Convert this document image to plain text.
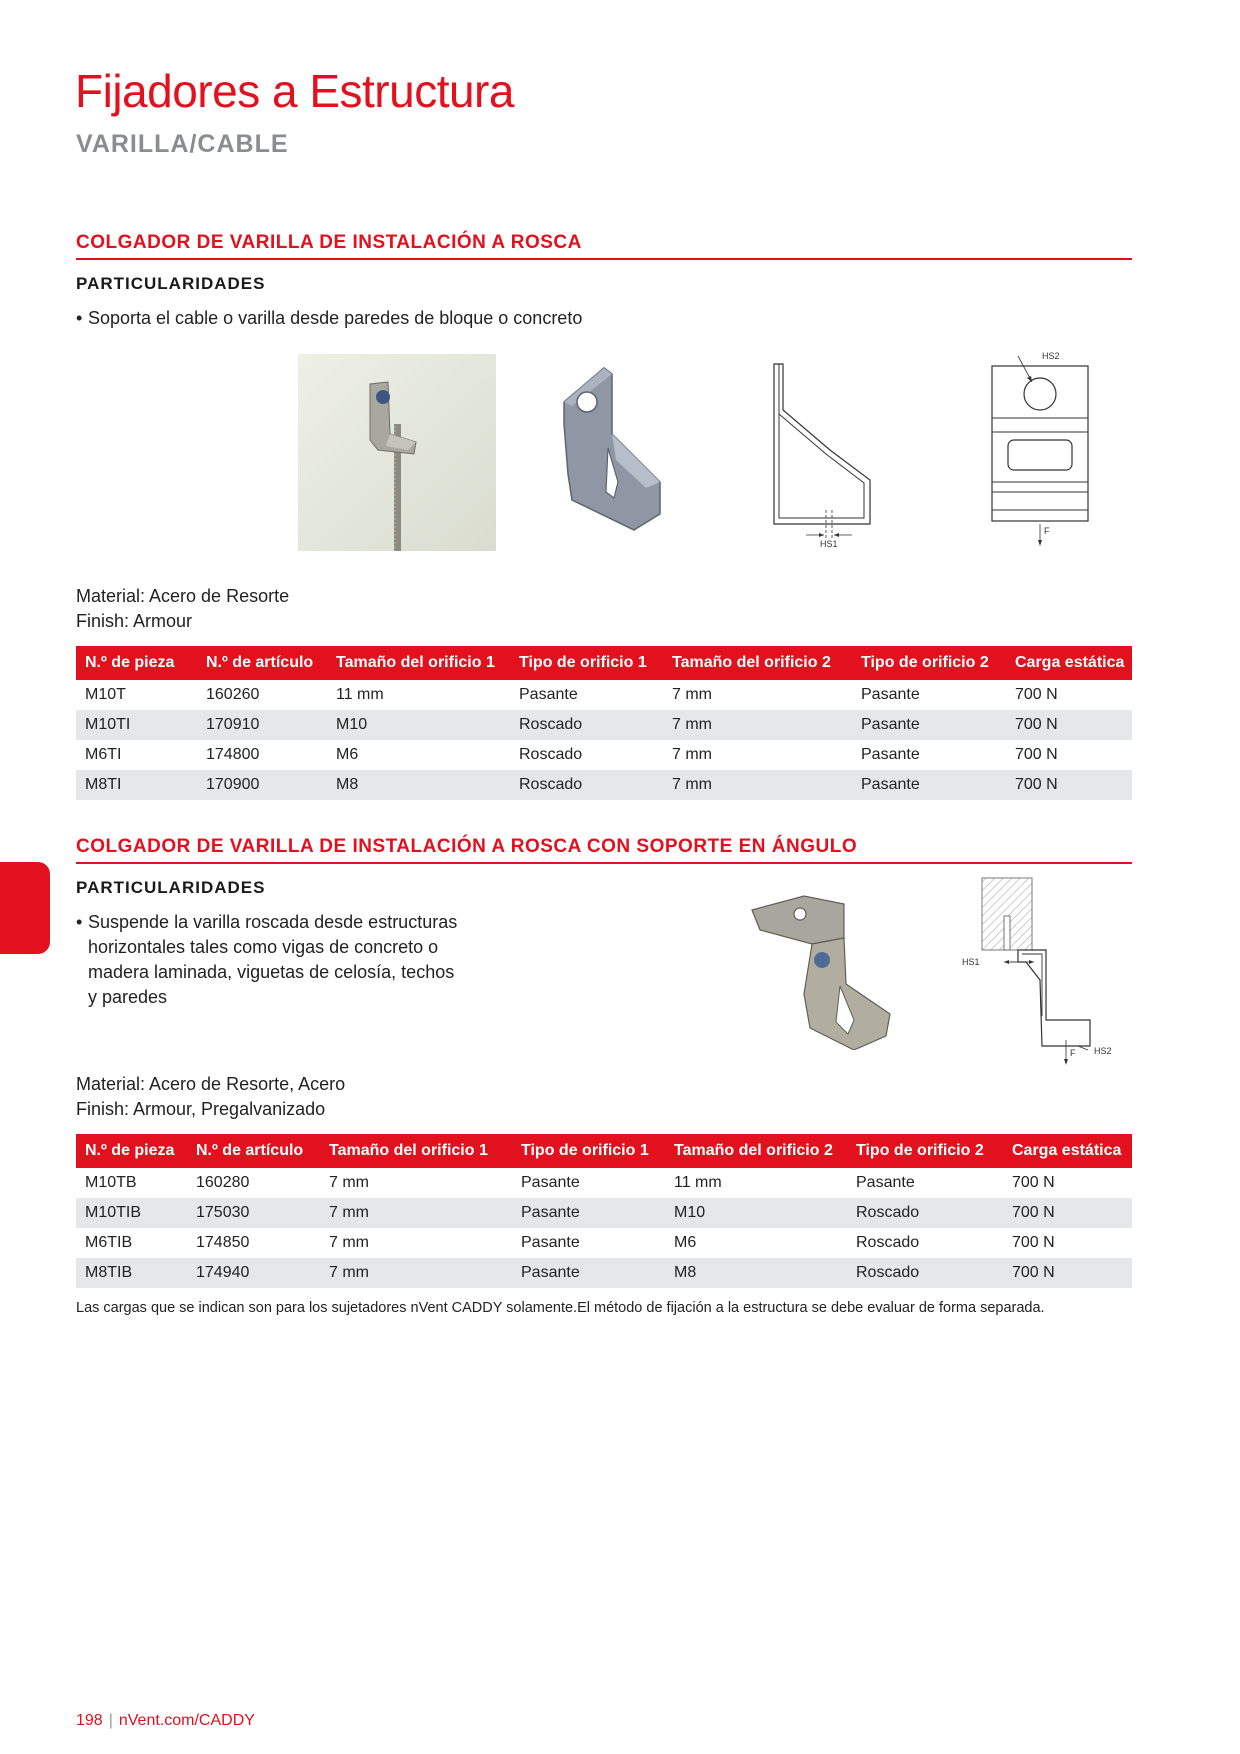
Fijadores a Estructura
VARILLA/CABLE
COLGADOR DE VARILLA DE INSTALACIÓN A ROSCA
PARTICULARIDADES
• Soporta el cable o varilla desde paredes de bloque o concreto
HS1
HS2
F
Material: Acero de Resorte
Finish: Armour
N.º de pieza	N.º de artículo	Tamaño del orificio 1	Tipo de orificio 1	Tamaño del orificio 2	Tipo de orificio 2	Carga estática
M10T	160260	11 mm	Pasante	7 mm	Pasante	700 N
M10TI	170910	M10	Roscado	7 mm	Pasante	700 N
M6TI	174800	M6	Roscado	7 mm	Pasante	700 N
M8TI	170900	M8	Roscado	7 mm	Pasante	700 N
COLGADOR DE VARILLA DE INSTALACIÓN A ROSCA CON SOPORTE EN ÁNGULO
PARTICULARIDADES
• Suspende la varilla roscada desde estructuras
horizontales tales como vigas de concreto o
madera laminada, viguetas de celosía, techos
y paredes
HS1
F HS2
Material: Acero de Resorte, Acero
Finish: Armour, Pregalvanizado
N.º de pieza	N.º de artículo	Tamaño del orificio 1	Tipo de orificio 1	Tamaño del orificio 2	Tipo de orificio 2	Carga estática
M10TB	160280	7 mm	Pasante	11 mm	Pasante	700 N
M10TIB	175030	7 mm	Pasante	M10	Roscado	700 N
M6TIB	174850	7 mm	Pasante	M6	Roscado	700 N
M8TIB	174940	7 mm	Pasante	M8	Roscado	700 N
Las cargas que se indican son para los sujetadores nVent CADDY solamente.El método de fijación a la estructura se debe evaluar de forma separada.
198 | nVent.com/CADDY
